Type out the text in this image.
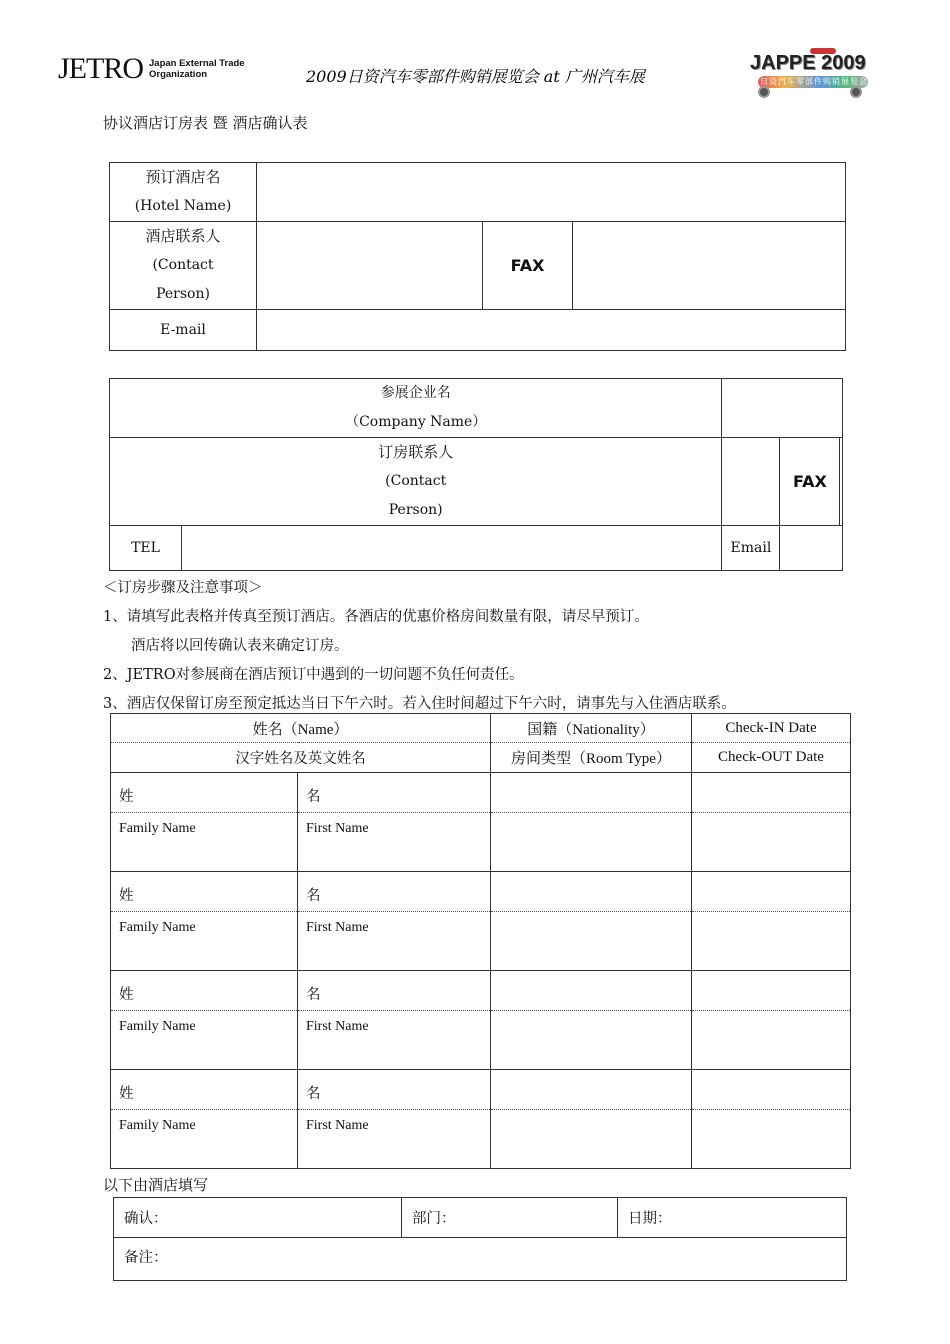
JETRO Japan External Trade
Organization	2009日资汽车零部件购销展览会 at 广州汽车展
JAPPE 2009
日资汽车零部件购销展览会
协议酒店订房表 暨 酒店确认表
预订酒店名
(Hotel Name)			

酒店联系人
(Contact
Person)		FAX	
E-mail			
参展企业名
（Company Name）				

订房联系人
(Contact
Person)			FAX	
TEL		Email		
＜订房步骤及注意事项＞
1、请填写此表格并传真至预订酒店。各酒店的优惠价格房间数量有限，请尽早预订。
酒店将以回传确认表来确定订房。
2、JETRO对参展商在酒店预订中遇到的一切问题不负任何责任。
3、酒店仅保留订房至预定抵达当日下午六时。若入住时间超过下午六时，请事先与入住酒店联系。
姓名（Name）		国籍（Nationality）	Check-IN Date
汉字姓名及英文姓名		房间类型（Room Type）	Check-OUT Date
姓	名		
Family Name	First Name		
姓	名		
Family Name	First Name		
姓	名		
Family Name	First Name		
姓	名		
Family Name	First Name		
以下由酒店填写
确认：	部门：	日期：
备注：
